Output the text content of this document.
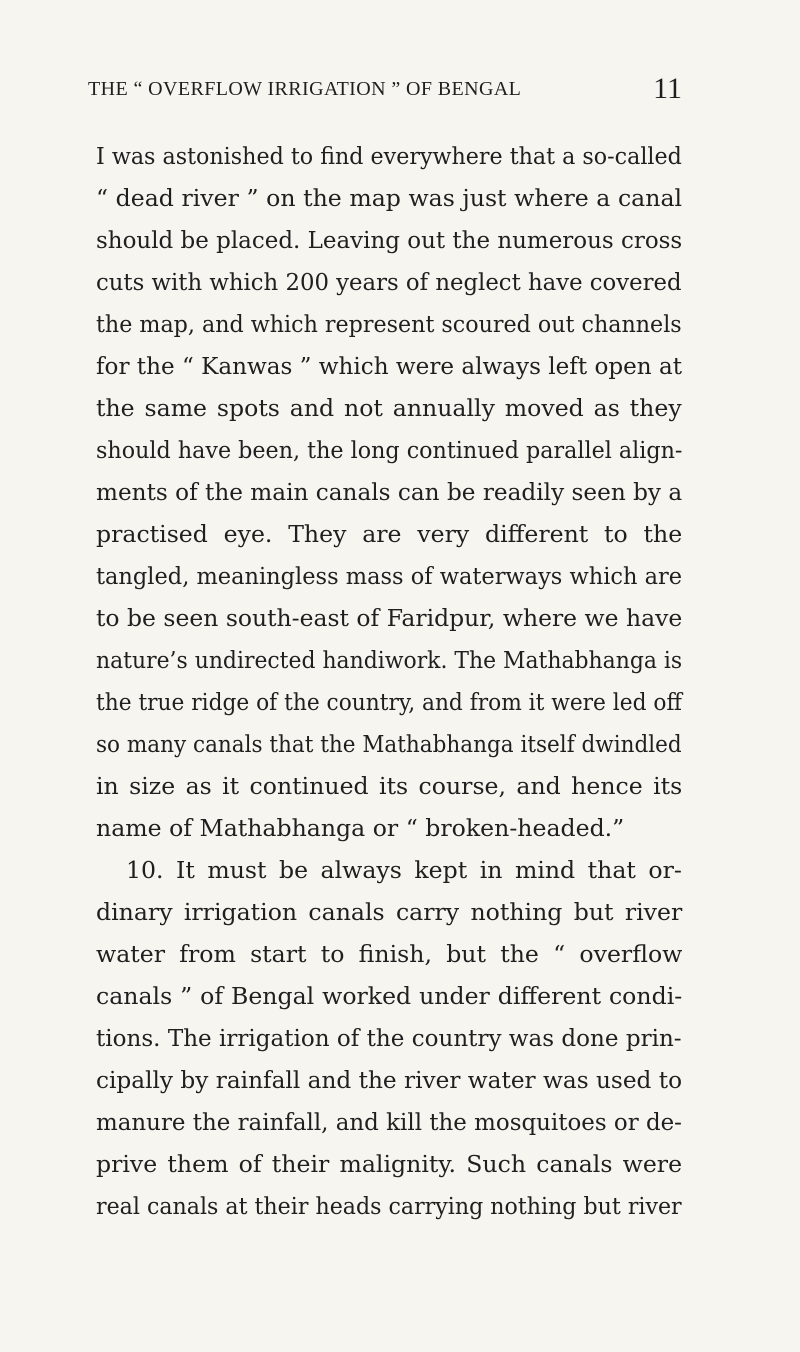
THE “ OVERFLOW IRRIGATION ” OF BENGAL	11
I was astonished to find everywhere that a so-called
“ dead river ” on the map was just where a canal
should be placed. Leaving out the numerous cross
cuts with which 200 years of neglect have covered
the map, and which represent scoured out channels
for the “ Kanwas ” which were always left open at
the same spots and not annually moved as they
should have been, the long continued parallel align-
ments of the main canals can be readily seen by a
practised eye. They are very different to the
tangled, meaningless mass of waterways which are
to be seen south-east of Faridpur, where we have
nature’s undirected handiwork. The Mathabhanga is
the true ridge of the country, and from it were led off
so many canals that the Mathabhanga itself dwindled
in size as it continued its course, and hence its
name of Mathabhanga or “ broken-headed.”
10. It must be always kept in mind that or-
dinary irrigation canals carry nothing but river
water from start to finish, but the “ overflow
canals ” of Bengal worked under different condi-
tions. The irrigation of the country was done prin-
cipally by rainfall and the river water was used to
manure the rainfall, and kill the mosquitoes or de-
prive them of their malignity. Such canals were
real canals at their heads carrying nothing but river
